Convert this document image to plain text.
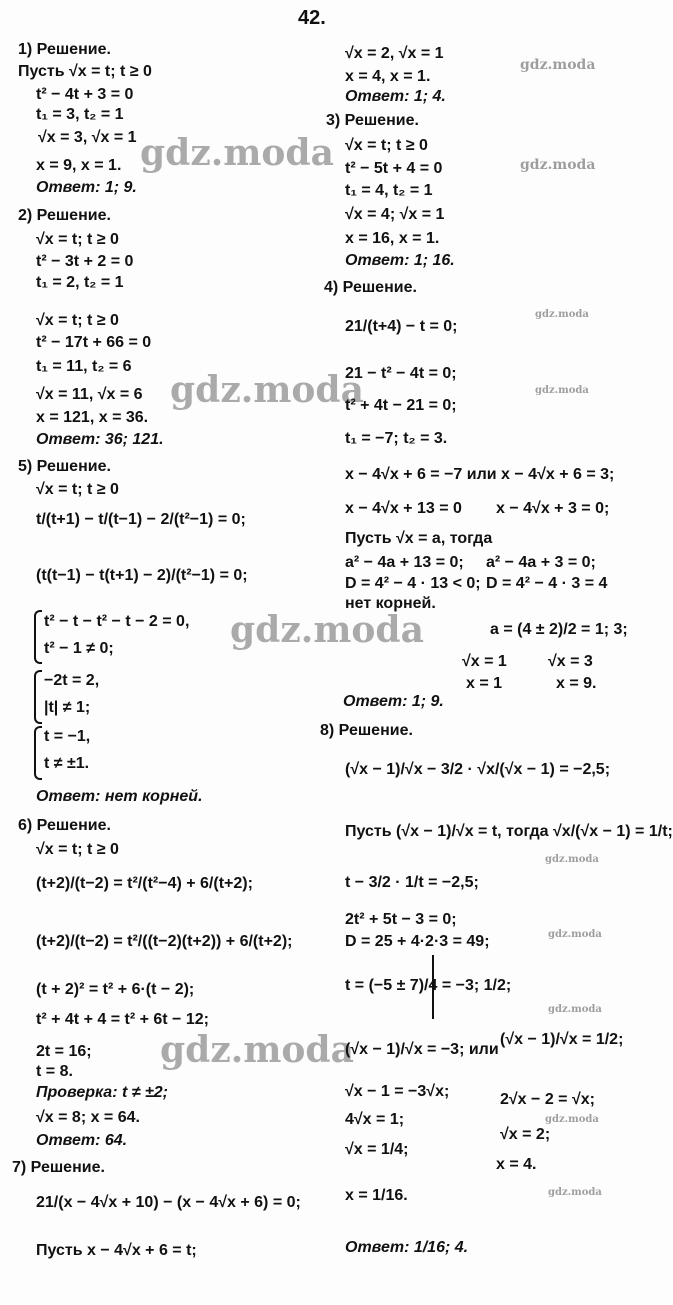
42.
gdz.moda
gdz.moda
gdz.moda
gdz.moda
gdz.moda
gdz.moda
gdz.moda
gdz.moda
gdz.moda
gdz.moda
gdz.moda
gdz.moda
gdz.moda
1) Решение.
Пусть √x = t; t ≥ 0
t² − 4t + 3 = 0
t₁ = 3, t₂ = 1
√x = 3, √x = 1
x = 9, x = 1.
Ответ: 1; 9.
2) Решение.
√x = t; t ≥ 0
t² − 3t + 2 = 0
t₁ = 2, t₂ = 1
√x = t; t ≥ 0
t² − 17t + 66 = 0
t₁ = 11, t₂ = 6
√x = 11, √x = 6
x = 121, x = 36.
Ответ: 36; 121.
5) Решение.
√x = t; t ≥ 0
t/(t+1) − t/(t−1) − 2/(t²−1) = 0;
(t(t−1) − t(t+1) − 2)/(t²−1) = 0;
t² − t − t² − t − 2 = 0,
t² − 1 ≠ 0;
−2t = 2,
|t| ≠ 1;
t = −1,
t ≠ ±1.
Ответ: нет корней.
6) Решение.
√x = t; t ≥ 0
(t+2)/(t−2) = t²/(t²−4) + 6/(t+2);
(t+2)/(t−2) = t²/((t−2)(t+2)) + 6/(t+2);
(t + 2)² = t² + 6·(t − 2);
t² + 4t + 4 = t² + 6t − 12;
2t = 16;
t = 8.
Проверка: t ≠ ±2;
√x = 8; x = 64.
Ответ: 64.
7) Решение.
21/(x − 4√x + 10) − (x − 4√x + 6) = 0;
Пусть x − 4√x + 6 = t;
√x = 2, √x = 1
x = 4, x = 1.
Ответ: 1; 4.
3) Решение.
√x = t; t ≥ 0
t² − 5t + 4 = 0
t₁ = 4, t₂ = 1
√x = 4; √x = 1
x = 16, x = 1.
Ответ: 1; 16.
4) Решение.
21/(t+4) − t = 0;
21 − t² − 4t = 0;
t² + 4t − 21 = 0;
t₁ = −7; t₂ = 3.
x − 4√x + 6 = −7 или x − 4√x + 6 = 3;
x − 4√x + 13 = 0 x − 4√x + 3 = 0;
Пусть √x = a, тогда
a² − 4a + 13 = 0; a² − 4a + 3 = 0;
D = 4² − 4 · 13 < 0; D = 4² − 4 · 3 = 4
нет корней.
a = (4 ± 2)/2 = 1; 3;
√x = 1	√x = 3
x = 1	x = 9.
Ответ: 1; 9.
8) Решение.
(√x − 1)/√x − 3/2 · √x/(√x − 1) = −2,5;
Пусть (√x − 1)/√x = t, тогда √x/(√x − 1) = 1/t;
t − 3/2 · 1/t = −2,5;
2t² + 5t − 3 = 0;
D = 25 + 4·2·3 = 49;
t = (−5 ± 7)/4 = −3; 1/2;
(√x − 1)/√x = −3; или
(√x − 1)/√x = 1/2;
√x − 1 = −3√x;	2√x − 2 = √x;
4√x = 1;
√x = 2;
√x = 1/4;
x = 4.
x = 1/16.
Ответ: 1/16; 4.
